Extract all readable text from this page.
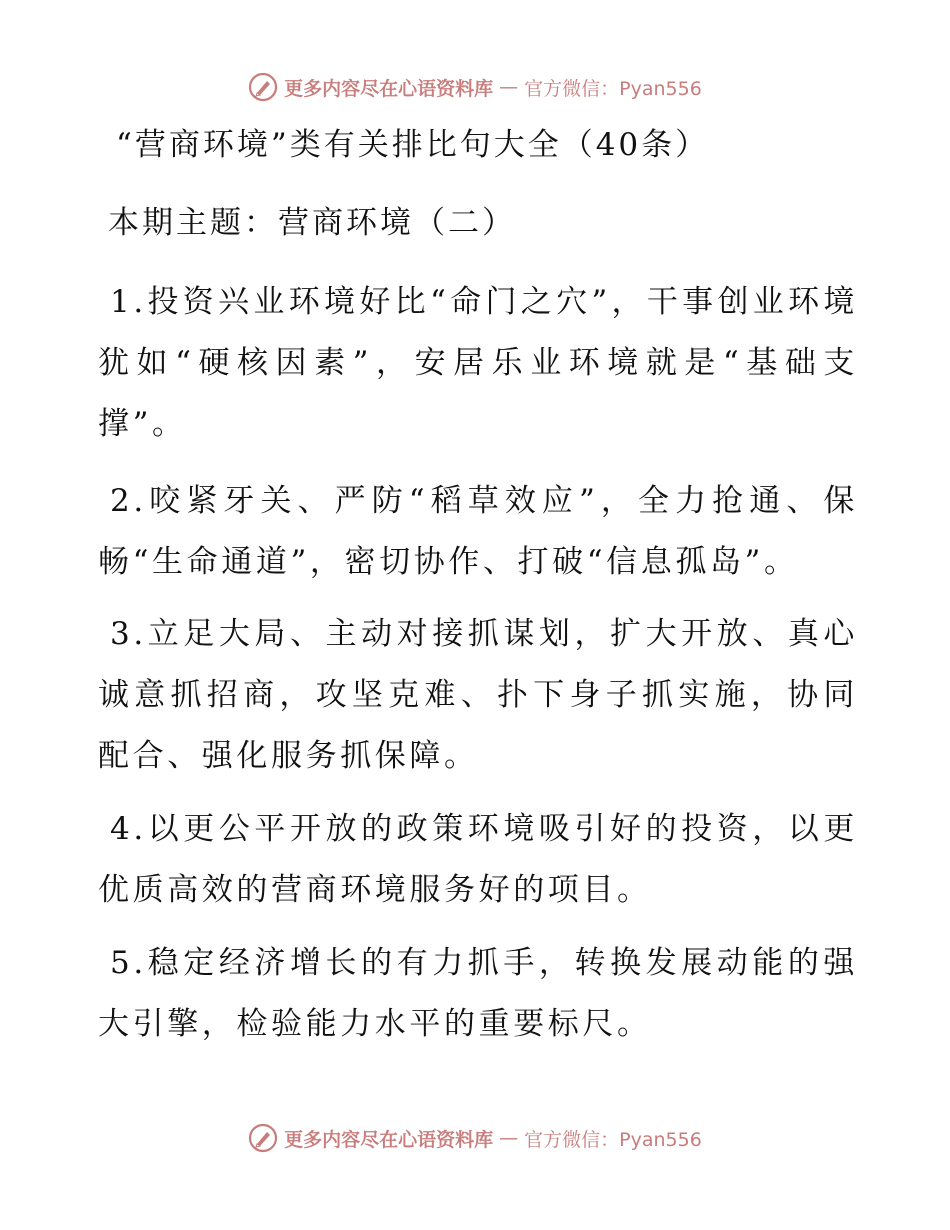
更多内容尽在心语资料库 — 官方微信：Pyan556

“营商环境”类有关排比句大全（40条）

本期主题：营商环境（二）

1.投资兴业环境好比“命门之穴”，干事创业环境犹如“硬核因素”，安居乐业环境就是“基础支撑”。

2.咬紧牙关、严防“稻草效应”，全力抢通、保畅“生命通道”，密切协作、打破“信息孤岛”。

3.立足大局、主动对接抓谋划，扩大开放、真心诚意抓招商，攻坚克难、扑下身子抓实施，协同配合、强化服务抓保障。

4.以更公平开放的政策环境吸引好的投资，以更优质高效的营商环境服务好的项目。

5.稳定经济增长的有力抓手，转换发展动能的强大引擎，检验能力水平的重要标尺。

更多内容尽在心语资料库 — 官方微信：Pyan556
